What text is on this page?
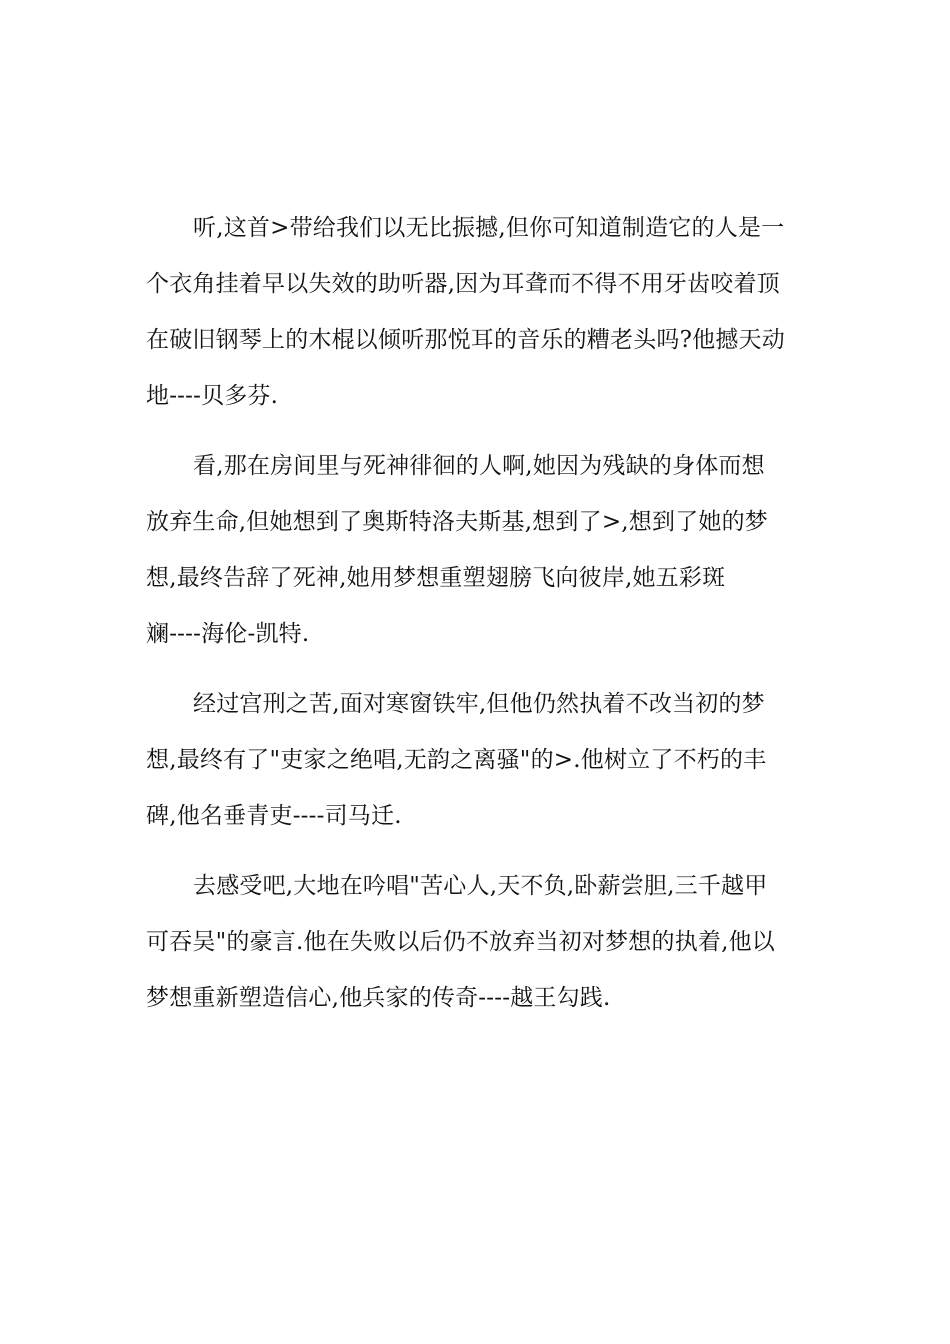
听,这首>带给我们以无比振撼,但你可知道制造它的人是一
个衣角挂着早以失效的助听器,因为耳聋而不得不用牙齿咬着顶
在破旧钢琴上的木棍以倾听那悦耳的音乐的糟老头吗?他撼天动
地----贝多芬.

看,那在房间里与死神徘徊的人啊,她因为残缺的身体而想
放弃生命,但她想到了奥斯特洛夫斯基,想到了>,想到了她的梦
想,最终告辞了死神,她用梦想重塑翅膀飞向彼岸,她五彩斑
斓----海伦-凯特.

经过宫刑之苦,面对寒窗铁牢,但他仍然执着不改当初的梦
想,最终有了"吏家之绝唱,无韵之离骚"的>.他树立了不朽的丰
碑,他名垂青吏----司马迁.

去感受吧,大地在吟唱"苦心人,天不负,卧薪尝胆,三千越甲
可吞吴"的豪言.他在失败以后仍不放弃当初对梦想的执着,他以
梦想重新塑造信心,他兵家的传奇----越王勾践.
